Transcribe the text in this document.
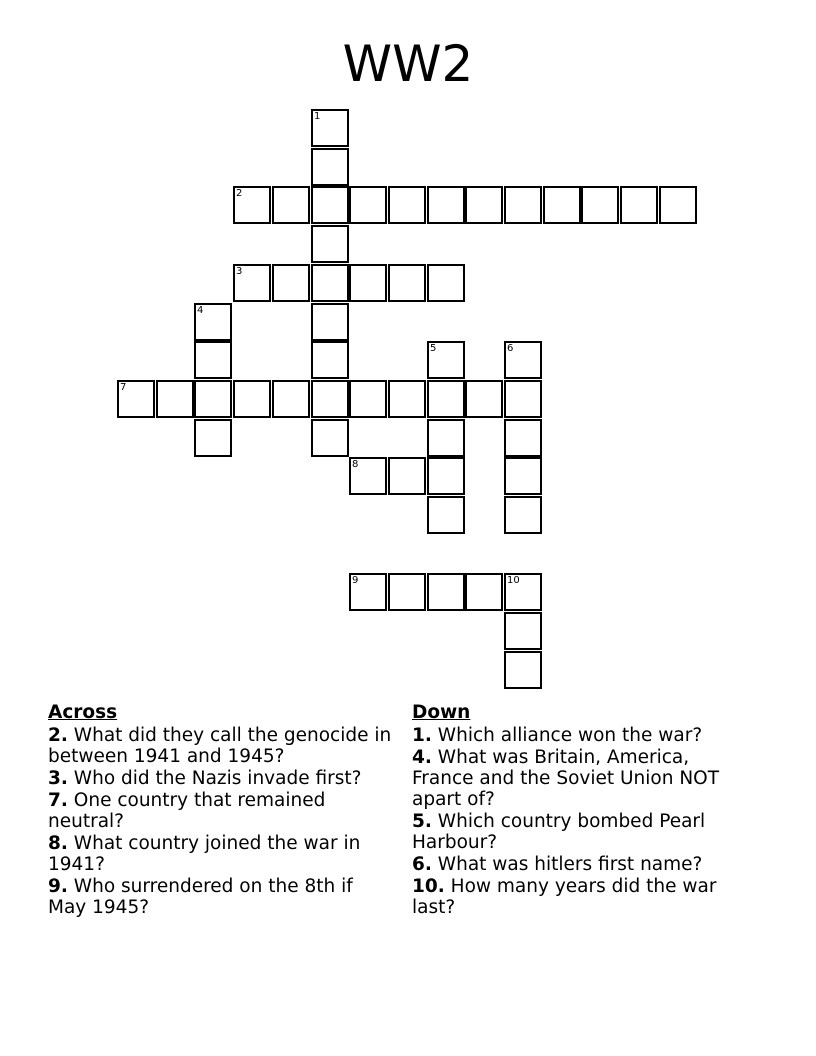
WW2
1
2
3
4
5	6
7
8
9	10
Across
2. What did they call the genocide in between 1941 and 1945?
3. Who did the Nazis invade first?
7. One country that remained neutral?
8. What country joined the war in 1941?
9. Who surrendered on the 8th if May 1945?
Down
1. Which alliance won the war?
4. What was Britain, America, France and the Soviet Union NOT apart of?
5. Which country bombed Pearl Harbour?
6. What was hitlers first name?
10. How many years did the war last?
